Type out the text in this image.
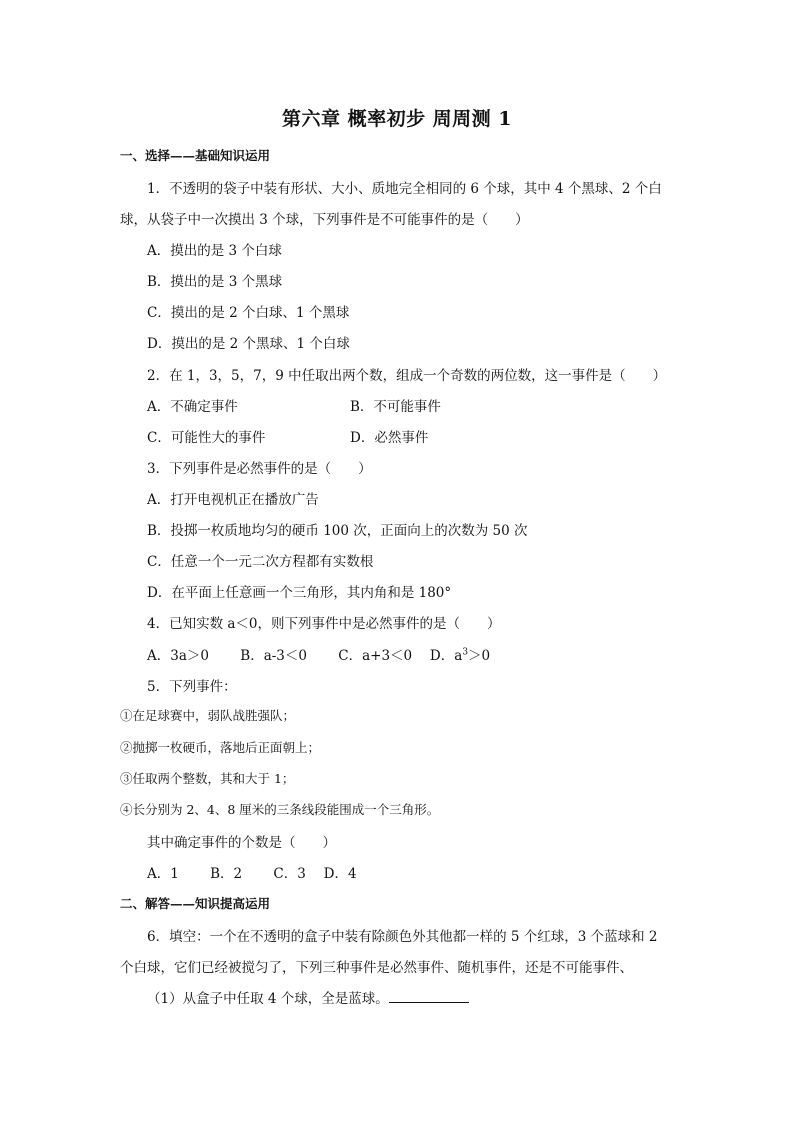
第六章 概率初步 周周测 1
一、选择——基础知识运用
1．不透明的袋子中装有形状、大小、质地完全相同的 6 个球，其中 4 个黑球、2 个白
球，从袋子中一次摸出 3 个球，下列事件是不可能事件的是（　　）
A．摸出的是 3 个白球
B．摸出的是 3 个黑球
C．摸出的是 2 个白球、1 个黑球
D．摸出的是 2 个黑球、1 个白球
2．在 1，3，5，7，9 中任取出两个数，组成一个奇数的两位数，这一事件是（　　）
A．不确定事件	B．不可能事件
C．可能性大的事件	D．必然事件
3．下列事件是必然事件的是（　　）
A．打开电视机正在播放广告
B．投掷一枚质地均匀的硬币 100 次，正面向上的次数为 50 次
C．任意一个一元二次方程都有实数根
D．在平面上任意画一个三角形，其内角和是 180°
4．已知实数 a＜0，则下列事件中是必然事件的是（　　）
A．3a＞0　　 B．a-3＜0　　 C．a+3＜0　 D．$a^3>0$
5．下列事件：
①在足球赛中，弱队战胜强队；
②抛掷一枚硬币，落地后正面朝上；
③任取两个整数，其和大于 1；
④长分别为 2、4、8 厘米的三条线段能围成一个三角形。
其中确定事件的个数是（　　）
A．1　　 B．2　　 C．3　 D．4
二、解答——知识提高运用
6．填空：一个在不透明的盒子中装有除颜色外其他都一样的 5 个红球，3 个蓝球和 2
个白球，它们已经被搅匀了，下列三种事件是必然事件、随机事件，还是不可能事件、
（1）从盒子中任取 4 个球，全是蓝球。
